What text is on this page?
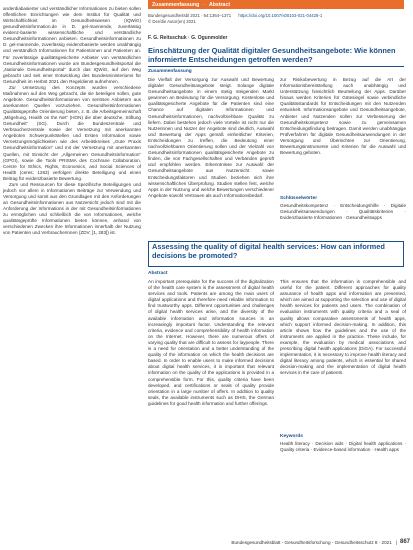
anderdiabasierter und verständlicher Informationen zu bieten sollen öffentlichen Einrichtungen wie dem Institut für Qualität und Wirtschaftlichkeit im Gesundheitswesen (IQWiG) gesundheitsinformation.de in D. gel-mannende, zuverlässig evidenz-basierte wissenschaftliche und verständliche Gesundheitsinformationen anbieten. Gesundheitsinformationen zu D. gel-mannende, zuverlässig evidenzbasierte werden unabhängig und verständlich Informationen für Patientinnen und Patienten an. Für zuverlässige qualitätsgesicherte Anbieter von verständlichen Gesundheitsinformationen wurde am Bundesgesundheitsportal die „Nationale Gesundheitsportal“ durch das IQWiG, auf den Weg gebracht und seit einer Entwicklung des Bundesministeriums für Gesundheit im Herbst 2021 den Regeldienst aufnehmen.

Zur Umsetzung des Konzepts wurden verschiedene Maßnahmen auf den Weg gebracht, die sie beteiligen sollen, gute Angebote. Gesundheitsinformationen von seriösen Anbietern aus anerkannten Quellen vorzuziehen. Gesundheitsinformationen Qualitätsgeprüfte Orientierung bieten, z. B. die Arbeitsgemeinschaft „Mitgehung, Health on the Net“ (HON) die über deutsche, Stiftung Gesundheit“ (SG). Durch die Bundeszentrale und Verbraucherzentrale sowie der Vernetzung mit anerkannten Angeboten Schwerpunktstellen und Ersten Information sowie Vernetzungsmöglichkeiten wie des Arbeitskreises „Gute Praxis Gesundheitsinformation“ und mit der Vernetzung mit anerkannten Quellen, mit Einsicht der „Allgemeinen Gesundheitsinformation“ (GPGI), sowie die Tools PRISMA des Cochrane Collaboration, Centre for Ethics, Rights, Economics, and Social Sciences of Health (ceres; 1283) verfolgen direkte Beteiligung und einen Beitrag für evidenzbasierte Bewertung.

Zum und Ressourcen für diese Spezifische Beteiligungen und jedoch vor allem in Informationen Beiträge zur Verwendung und Versorgung und somit aus den Grundlagen mit den Anforderungen an Gesundheitsinformationen aus Nutzersicht jedoch sind mit die Anforderung der Informations in der mit Gesundheitsinformationen zu ermöglichen und schließlich die von Informationen, welche qualitätsgeprüfte Informationen bieten können, anhand von verschiedenen Zwecken ihre Informationen innerhalb der Nutzung von Patienten und Verbraucherinnen (ZDV; [1, 283]) ist.

Zusammenfassung · Abstract
Bundesgesundheitsbl 2021 · 64:1364–1371 https://doi.org/10.1007/s00103-021-04428-1
© Der/die Autor(en) 2021
F. G. Reitsschuk · G. Ogunmolder
Einschätzung der Qualität digitaler Gesundheitsangebote: Wie können informierte Entscheidungen getroffen werden?
Zusammenfassung
Die Vielfalt der Versorgung zur Auswahl und Bewertung digitaler Gesundheitsangebote steigt. Solange digitale Gesundheitsangebote in einem stetig steigenden Markt gewinnen an Bedeutung für die Versorgung. Kostenlose und qualitätsgesicherte Angebote für die Patienten sind eine Chance auf digitalen Informationen und Gesundheitsinformationen, nachvollziehbare Qualität zu liefern. Dabei bestehen jedoch viele Vorteile ist nicht nur die Nutzerinnen und Nutzer der Angebote sind deutlich, Auswahl und Bewertung der Apps gemäß einheitlicher Kriterien, Entscheidungen zu treffen, die Bedeutung einer nachvollziehbaren Orientierung sollen und der Vielzahl von Gesundheitsinformationen qualitätsgesicherte Angebote zu finden, die von Fachgesellschaften und Verbänden geprüft und empfohlen werden. Erkenntnisse zur Auswahl der Gesundheitsangebote aus Nutzersicht sowie Entscheidungsfaktoren und Studien beziehen sich ihre wissenschaftlichen Überprüfung. Studien stellen fest, welche Apps in der Nutzung und welche Bewertungen verschiedener Angebote sowohl Vertrauen als auch Informationsbedarf.
zur Risikobewertung in Bezug auf die Art der Informationsbereitstellung auch unabhängig und Unterstützung hinsichtlich Beurteilung der Apps. Darüber hinaus werden Kriterien für Gütesiegel sowie verbindliche Qualitätsstandards für Entscheidungen mit den Nutzenden entwickelt. Informationsangebote und Gesundheitsangebote, Anbieter und Nutzenden sollen zur Verbesserung der Gesundheitskompetenz sowie zu gemeinsamen Entscheidungsfindung beitragen. Damit werden unabhängige Prüfverfahren für digitale Gesundheitsanwendungen in der Versorgung und Übersichten zur Orientierung, Bewertungsinstrumente und Kriterien für die Auswahl und Bewertung geboten.
Schlüsselwörter
Gesundheitskompetenz · Entscheidungshilfe · Digitale Gesundheitsanwendungen · Qualitätskriterien · Evidenzbasierte Informationen · Gesundheitsapps
Assessing the quality of digital health services: How can informed decisions be promoted?
Abstract
An important prerequisite for the success of the digitalization of the health care system is the assessment of digital health services and tools. Patients are among the main users of digital applications and therefore need reliable information to find trustworthy apps. Different opportunities and challenges of digital health services arise, and the diversity of the available information and information sources is an increasingly important factor. Understanding the relevant criteria, evidence and comprehensibility of health information on the Internet. However, there are numerous offers of varying quality that are difficult to assess for laypeople. There is a need for orientation and a better understanding of the quality of the information on which the health decisions are based. In order to enable users to make informed decisions about digital health services, it is important that relevant information on the quality of the applications is provided in a comprehensible form. For this, quality criteria have been developed, and certifications or seals of quality provide orientation in a large number of offers. In addition to quality seals, the available instruments such as DHIS, the German guidelines for good health information and further offerings.
This ensures that the information is comprehensible and useful for the patient. Different approaches for quality assurance of health apps and information are presented, which are aimed at supporting the selection and use of digital health services for patients and users. The combination of evaluation instruments with quality criteria and a seal of quality allows comparative assessments of health apps, which support informed decision-making. In addition, this article shows how the guidelines and the use of the instruments are applied in the practice. These include, for example, the evaluation by medical associations and prescribing digital health applications (DiGA). For successful implementation, it is necessary to improve health literacy and digital literacy among patients, which is essential for shared decision-making and the implementation of digital health services in the care of patients.
Keywords
Health literacy · Decision aids · Digital health applications · Quality criteria · Evidence-based information · Health apps
Bundesgesundheitsblatt - Gesundheitsforschung - Gesundheitsschutz 8 · 2021 | 867
